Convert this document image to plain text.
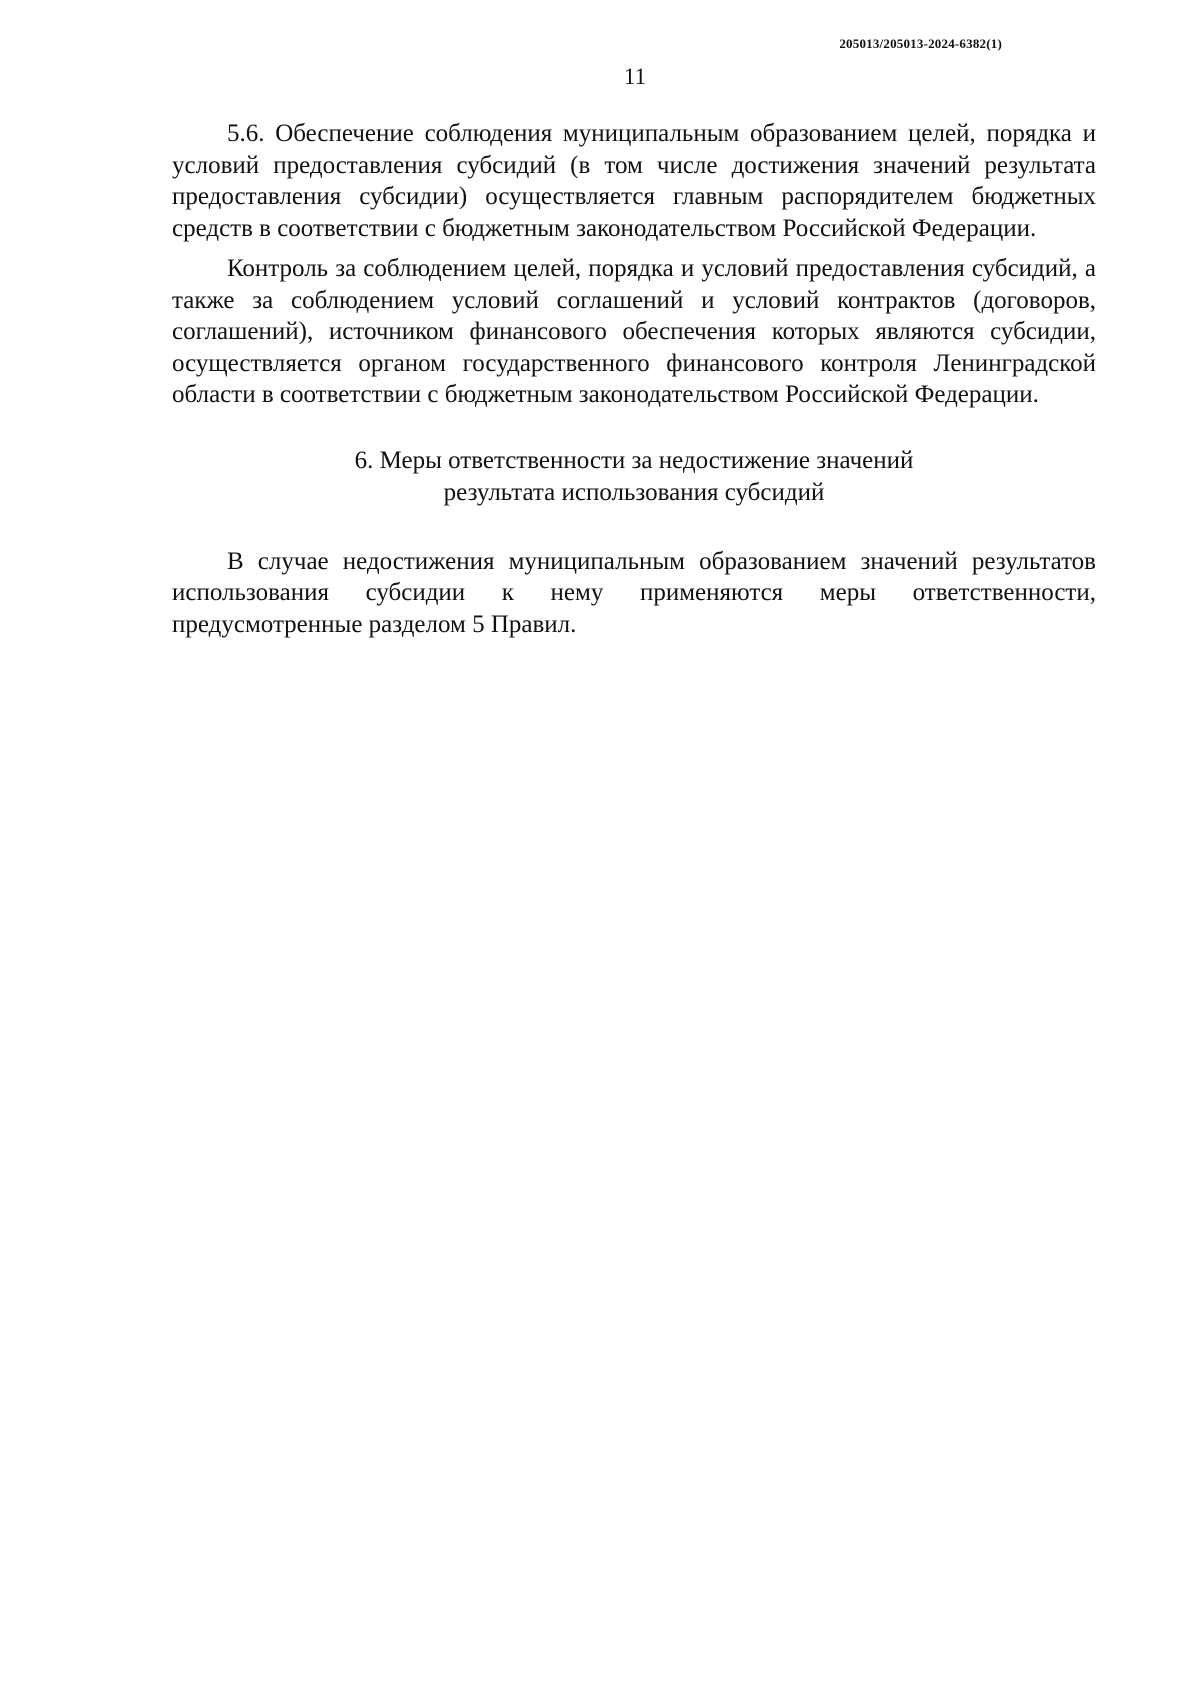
205013/205013-2024-6382(1)
11

5.6. Обеспечение соблюдения муниципальным образованием целей, порядка и условий предоставления субсидий (в том числе достижения значений результата предоставления субсидии) осуществляется главным распорядителем бюджетных средств в соответствии с бюджетным законодательством Российской Федерации.

Контроль за соблюдением целей, порядка и условий предоставления субсидий, а также за соблюдением условий соглашений и условий контрактов (договоров, соглашений), источником финансового обеспечения которых являются субсидии, осуществляется органом государственного финансового контроля Ленинградской области в соответствии с бюджетным законодательством Российской Федерации.

6. Меры ответственности за недостижение значений
результата использования субсидий

В случае недостижения муниципальным образованием значений результатов использования субсидии к нему применяются меры ответственности, предусмотренные разделом 5 Правил.
